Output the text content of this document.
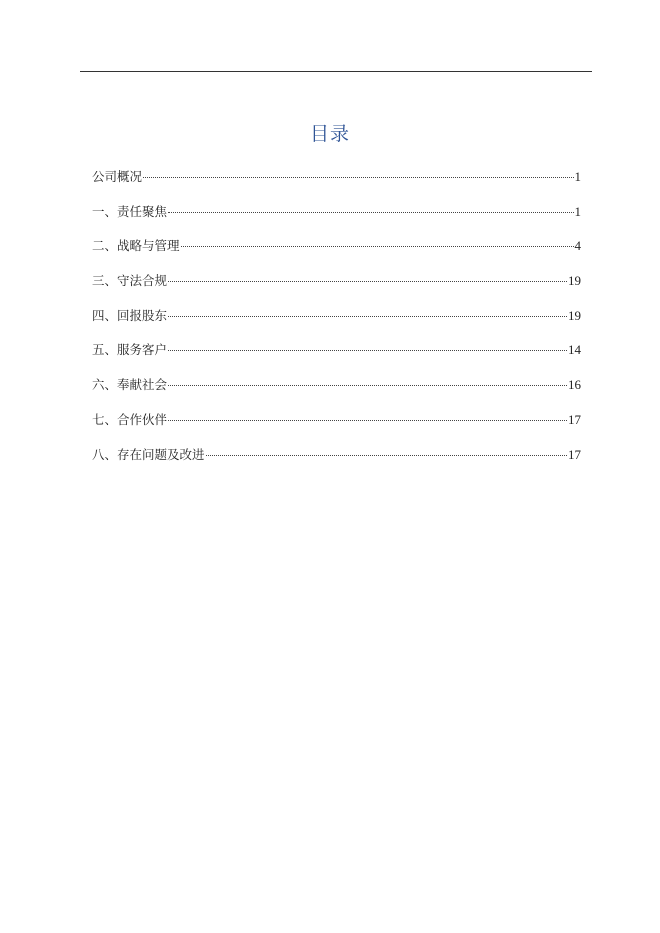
目录
公司概况	1
一、责任聚焦	1
二、战略与管理	4
三、守法合规	19
四、回报股东	19
五、服务客户	14
六、奉献社会	16
七、合作伙伴	17
八、存在问题及改进	17
